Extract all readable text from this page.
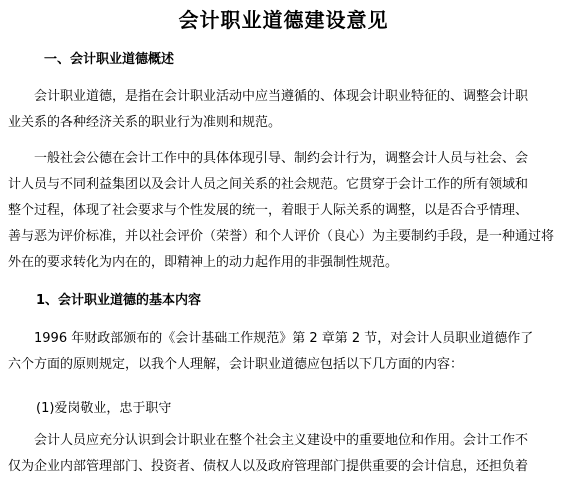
会计职业道德建设意见
一、会计职业道德概述
　　会计职业道德，是指在会计职业活动中应当遵循的、体现会计职业特征的、调整会计职
业关系的各种经济关系的职业行为准则和规范。
　　一般社会公德在会计工作中的具体体现引导、制约会计行为，调整会计人员与社会、会
计人员与不同利益集团以及会计人员之间关系的社会规范。它贯穿于会计工作的所有领域和
整个过程，体现了社会要求与个性发展的统一，着眼于人际关系的调整，以是否合乎情理、
善与恶为评价标准，并以社会评价（荣誉）和个人评价（良心）为主要制约手段，是一种通过将
外在的要求转化为内在的，即精神上的动力起作用的非强制性规范。
1、会计职业道德的基本内容
　　1996 年财政部颁布的《会计基础工作规范》第 2 章第 2 节，对会计人员职业道德作了
六个方面的原则规定，以我个人理解，会计职业道德应包括以下几方面的内容：
(1)爱岗敬业，忠于职守
　　会计人员应充分认识到会计职业在整个社会主义建设中的重要地位和作用。会计工作不
仅为企业内部管理部门、投资者、债权人以及政府管理部门提供重要的会计信息，还担负着
